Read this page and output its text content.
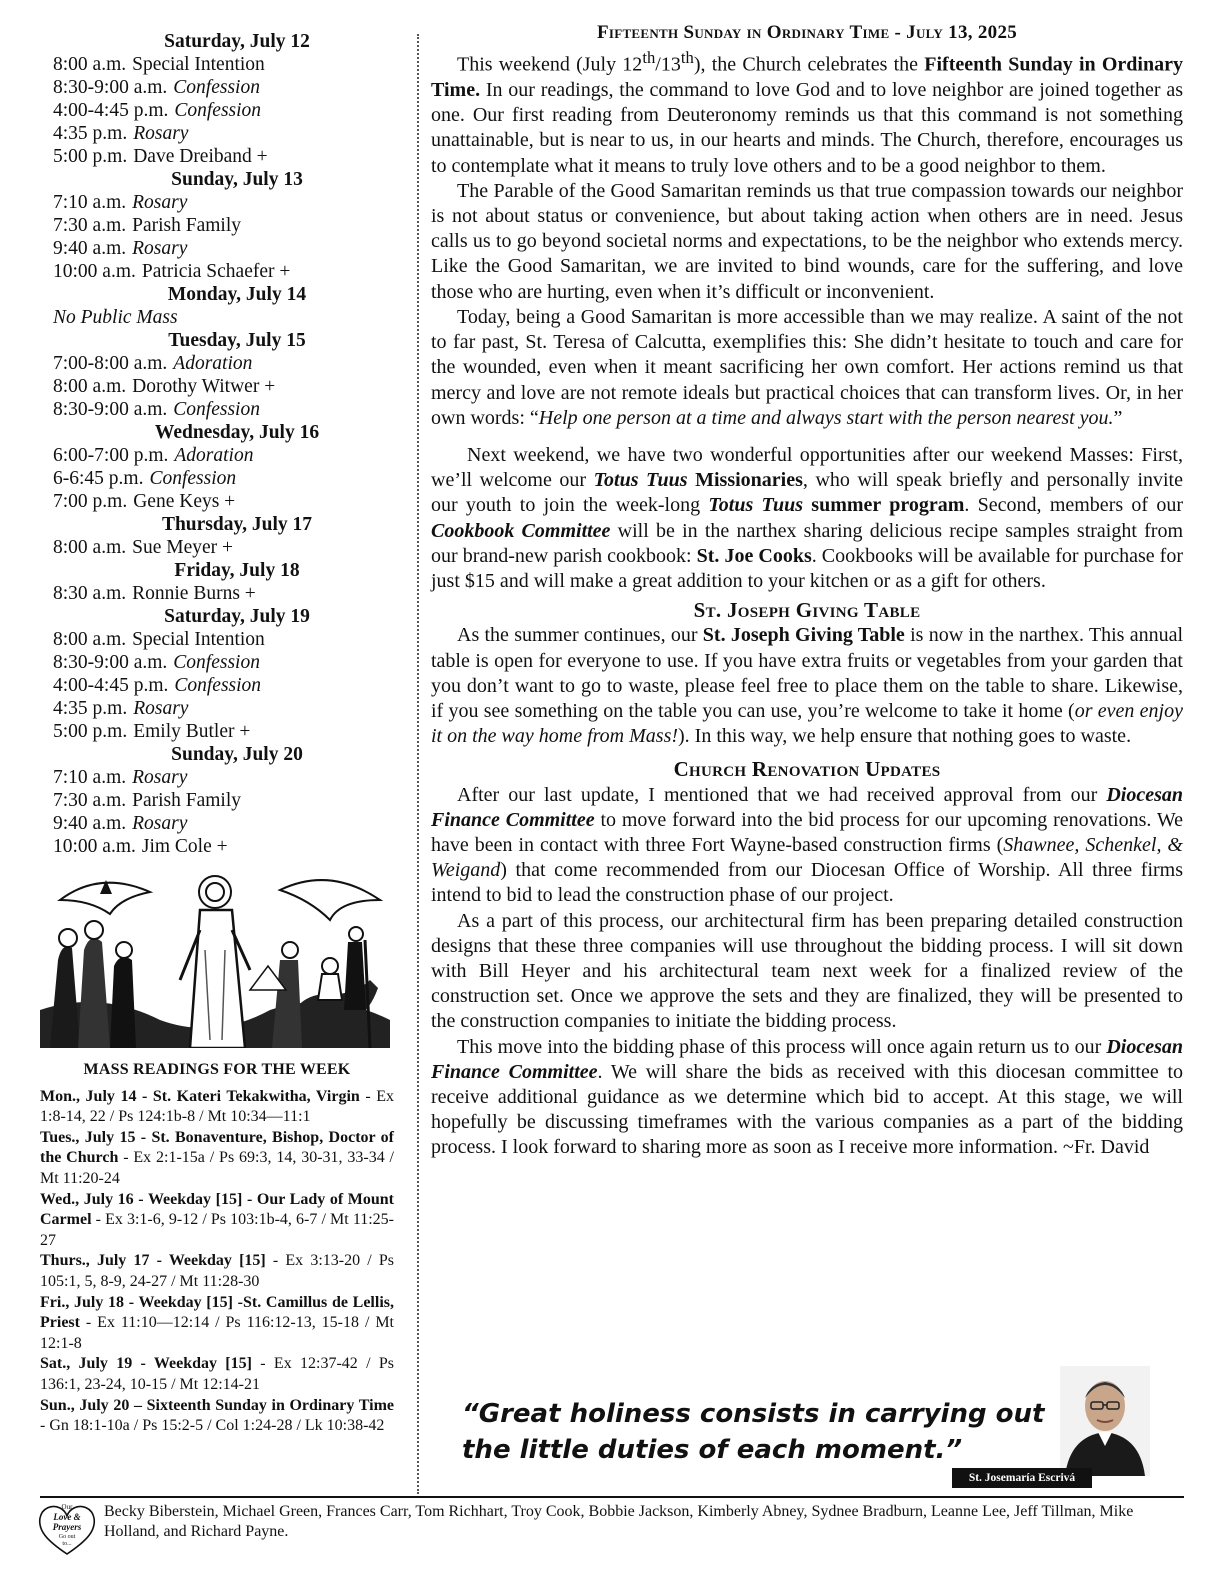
Saturday, July 12
8:00 a.m. Special Intention
8:30-9:00 a.m. Confession
4:00-4:45 p.m. Confession
4:35 p.m. Rosary
5:00 p.m. Dave Dreiband +
Sunday, July 13
7:10 a.m. Rosary
7:30 a.m. Parish Family
9:40 a.m. Rosary
10:00 a.m. Patricia Schaefer +
Monday, July 14
No Public Mass
Tuesday, July 15
7:00-8:00 a.m. Adoration
8:00 a.m. Dorothy Witwer +
8:30-9:00 a.m. Confession
Wednesday, July 16
6:00-7:00 p.m. Adoration
6-6:45 p.m. Confession
7:00 p.m. Gene Keys +
Thursday, July 17
8:00 a.m. Sue Meyer +
Friday, July 18
8:30 a.m. Ronnie Burns +
Saturday, July 19
8:00 a.m. Special Intention
8:30-9:00 a.m. Confession
4:00-4:45 p.m. Confession
4:35 p.m. Rosary
5:00 p.m. Emily Butler +
Sunday, July 20
7:10 a.m. Rosary
7:30 a.m. Parish Family
9:40 a.m. Rosary
10:00 a.m. Jim Cole +
MASS READINGS FOR THE WEEK
Mon., July 14 - St. Kateri Tekakwitha, Virgin - Ex 1:8-14, 22 / Ps 124:1b-8 / Mt 10:34—11:1
Tues., July 15 - St. Bonaventure, Bishop, Doctor of the Church - Ex 2:1-15a / Ps 69:3, 14, 30-31, 33-34 / Mt 11:20-24
Wed., July 16 - Weekday [15] - Our Lady of Mount Carmel - Ex 3:1-6, 9-12 / Ps 103:1b-4, 6-7 / Mt 11:25-27
Thurs., July 17 - Weekday [15] - Ex 3:13-20 / Ps 105:1, 5, 8-9, 24-27 / Mt 11:28-30
Fri., July 18 - Weekday [15] -St. Camillus de Lellis, Priest - Ex 11:10—12:14 / Ps 116:12-13, 15-18 / Mt 12:1-8
Sat., July 19 - Weekday [15] - Ex 12:37-42 / Ps 136:1, 23-24, 10-15 / Mt 12:14-21
Sun., July 20 – Sixteenth Sunday in Ordinary Time - Gn 18:1-10a / Ps 15:2-5 / Col 1:24-28 / Lk 10:38-42
Fifteenth Sunday in Ordinary Time - July 13, 2025

This weekend (July 12th/13th), the Church celebrates the Fifteenth Sunday in Ordinary Time. In our readings, the command to love God and to love neighbor are joined together as one. Our first reading from Deuteronomy reminds us that this command is not something unattainable, but is near to us, in our hearts and minds. The Church, therefore, encourages us to contemplate what it means to truly love others and to be a good neighbor to them.

The Parable of the Good Samaritan reminds us that true compassion towards our neighbor is not about status or convenience, but about taking action when others are in need. Jesus calls us to go beyond societal norms and expectations, to be the neighbor who extends mercy. Like the Good Samaritan, we are invited to bind wounds, care for the suffering, and love those who are hurting, even when it’s difficult or inconvenient.

Today, being a Good Samaritan is more accessible than we may realize. A saint of the not to far past, St. Teresa of Calcutta, exemplifies this: She didn’t hesitate to touch and care for the wounded, even when it meant sacrificing her own comfort. Her actions remind us that mercy and love are not remote ideals but practical choices that can transform lives. Or, in her own words: “Help one person at a time and always start with the person nearest you.”

Next weekend, we have two wonderful opportunities after our weekend Masses: First, we’ll welcome our Totus Tuus Missionaries, who will speak briefly and personally invite our youth to join the week-long Totus Tuus summer program. Second, members of our Cookbook Committee will be in the narthex sharing delicious recipe samples straight from our brand-new parish cookbook: St. Joe Cooks. Cookbooks will be available for purchase for just $15 and will make a great addition to your kitchen or as a gift for others.

St. Joseph Giving Table

As the summer continues, our St. Joseph Giving Table is now in the narthex. This annual table is open for everyone to use. If you have extra fruits or vegetables from your garden that you don’t want to go to waste, please feel free to place them on the table to share. Likewise, if you see something on the table you can use, you’re welcome to take it home (or even enjoy it on the way home from Mass!). In this way, we help ensure that nothing goes to waste.

Church Renovation Updates

After our last update, I mentioned that we had received approval from our Diocesan Finance Committee to move forward into the bid process for our upcoming renovations. We have been in contact with three Fort Wayne-based construction firms (Shawnee, Schenkel, & Weigand) that come recommended from our Diocesan Office of Worship. All three firms intend to bid to lead the construction phase of our project.

As a part of this process, our architectural firm has been preparing detailed construction designs that these three companies will use throughout the bidding process. I will sit down with Bill Heyer and his architectural team next week for a finalized review of the construction set. Once we approve the sets and they are finalized, they will be presented to the construction companies to initiate the bidding process.

This move into the bidding phase of this process will once again return us to our Diocesan Finance Committee. We will share the bids as received with this diocesan committee to receive additional guidance as we determine which bid to accept. At this stage, we will hopefully be discussing timeframes with the various companies as a part of the bidding process. I look forward to sharing more as soon as I receive more information. ~Fr. David

“Great holiness consists in carrying out
the little duties of each moment.”
St. Josemaría Escrivá
Our
Love &
Prayers
Go out
to...
Becky Biberstein, Michael Green, Frances Carr, Tom Richhart, Troy Cook, Bobbie Jackson, Kimberly Abney, Sydnee Bradburn, Leanne Lee, Jeff Tillman, Mike Holland, and Richard Payne.
